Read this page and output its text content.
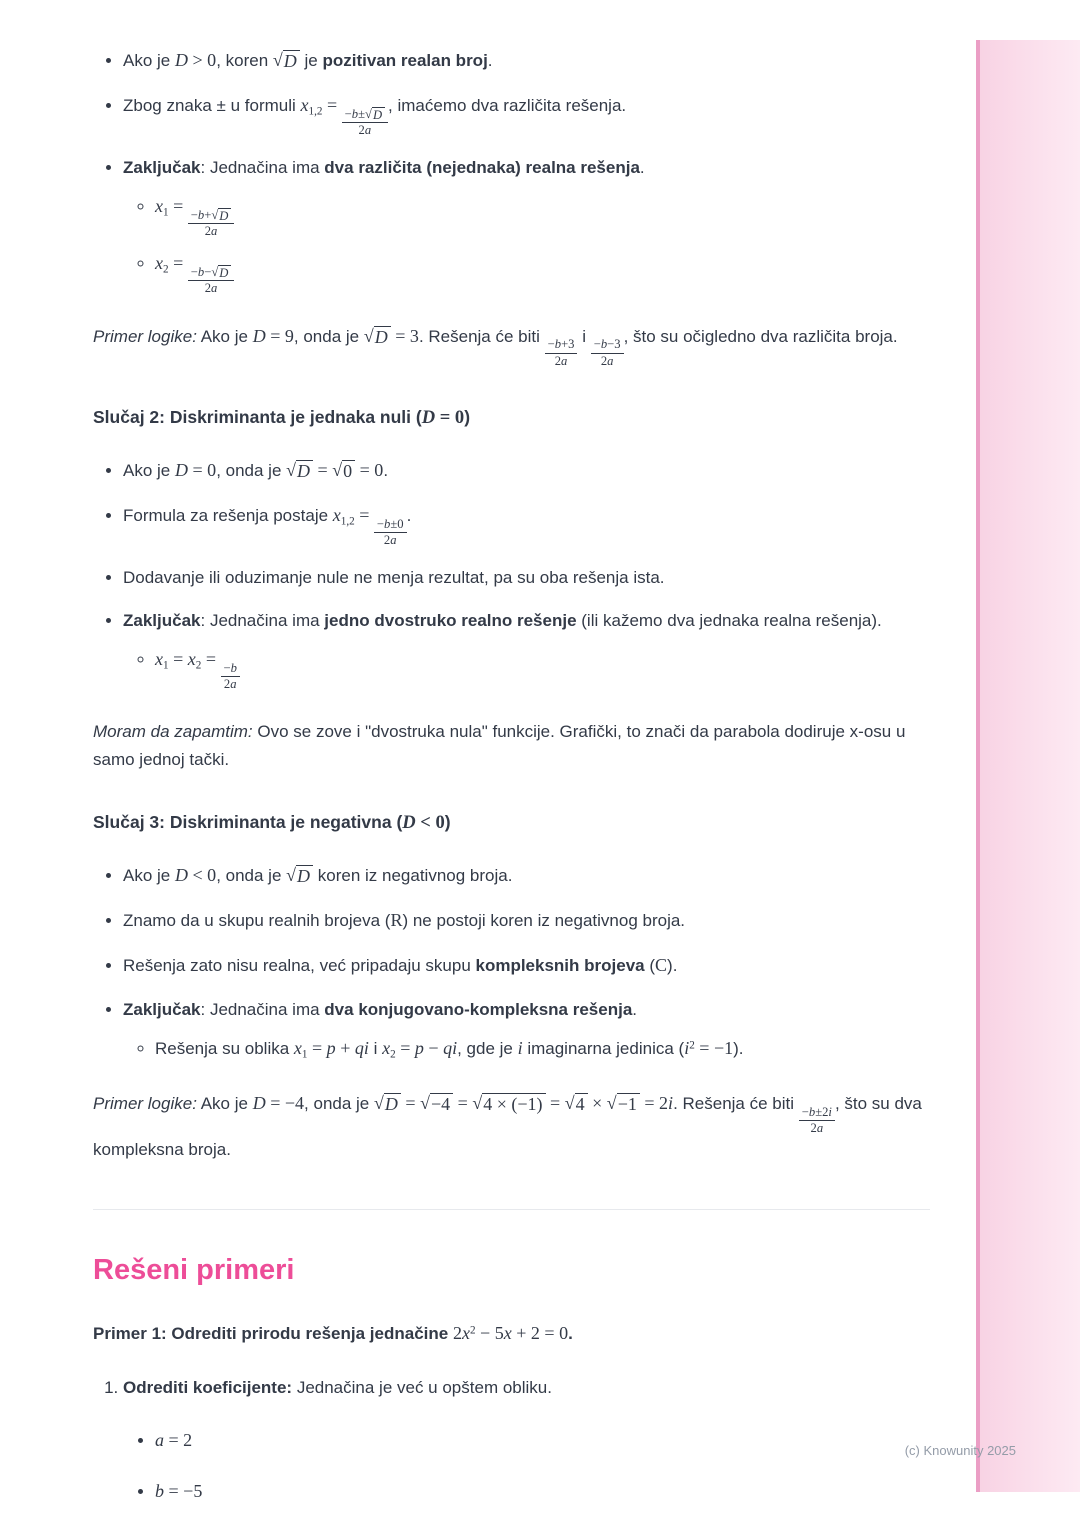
• Ako je D > 0, koren √ D je pozitivan realan broj.
• Zbog znaka ± u formuli $x_{1,2}$ =
$\frac{-b\pm √ D}{2a}$
, imaćemo dva različita rešenja.
• Zaključak: Jednačina ima dva različita (nejednaka) realna rešenja.
◦ $x_1$ =
$\frac{-b+ √ D}{2a}$
◦ $x_2$ =
$\frac{-b- √ D}{2a}$

Primer logike: Ako je D = 9, onda je √ D = 3. Rešenja će biti
$\frac{-b+3}{2a}$
i
$\frac{-b-3}{2a}$
, što su očigledno dva različita broja.

Slučaj 2: Diskriminanta je jednaka nuli (D = 0)
• Ako je D = 0, onda je √ D = √ 0 = 0.
• Formula za rešenja postaje $x_{1,2}$ =
$\frac{-b\pm 0}{2a}$
.
• Dodavanje ili oduzimanje nule ne menja rezultat, pa su oba rešenja ista.
• Zaključak: Jednačina ima jedno dvostruko realno rešenje (ili kažemo dva jednaka realna rešenja).
◦ $x_1 = x_2$ =
$\frac{-b}{2a}$

Moram da zapamtim: Ovo se zove i "dvostruka nula" funkcije. Grafički, to znači da parabola dodiruje x-osu u samo jednoj tački.

Slučaj 3: Diskriminanta je negativna (D < 0)
• Ako je D < 0, onda je √ D koren iz negativnog broja.
• Znamo da u skupu realnih brojeva (R) ne postoji koren iz negativnog broja.
• Rešenja zato nisu realna, već pripadaju skupu kompleksnih brojeva (C).
• Zaključak: Jednačina ima dva konjugovano-kompleksna rešenja.
◦ Rešenja su oblika $x_1 = p$ + qi i $x_2 = p$ − qi, gde je i imaginarna jedinica $(i^2 = -1)$.

Primer logike: Ako je D = −4, onda je √ D = √ −4 = √ 4 × (−1) = √ 4 × √ −1 = 2i. Rešenja će biti
$\frac{-b\pm 2i}{2a}$
, što su dva kompleksna broja.

Rešeni primeri

Primer 1: Odrediti prirodu rešenja jednačine $2x^2 - 5x + 2 = 0$.

1. Odrediti koeficijente: Jednačina je već u opštem obliku.
• a = 2
• b = −5
(c) Knowunity 2025
